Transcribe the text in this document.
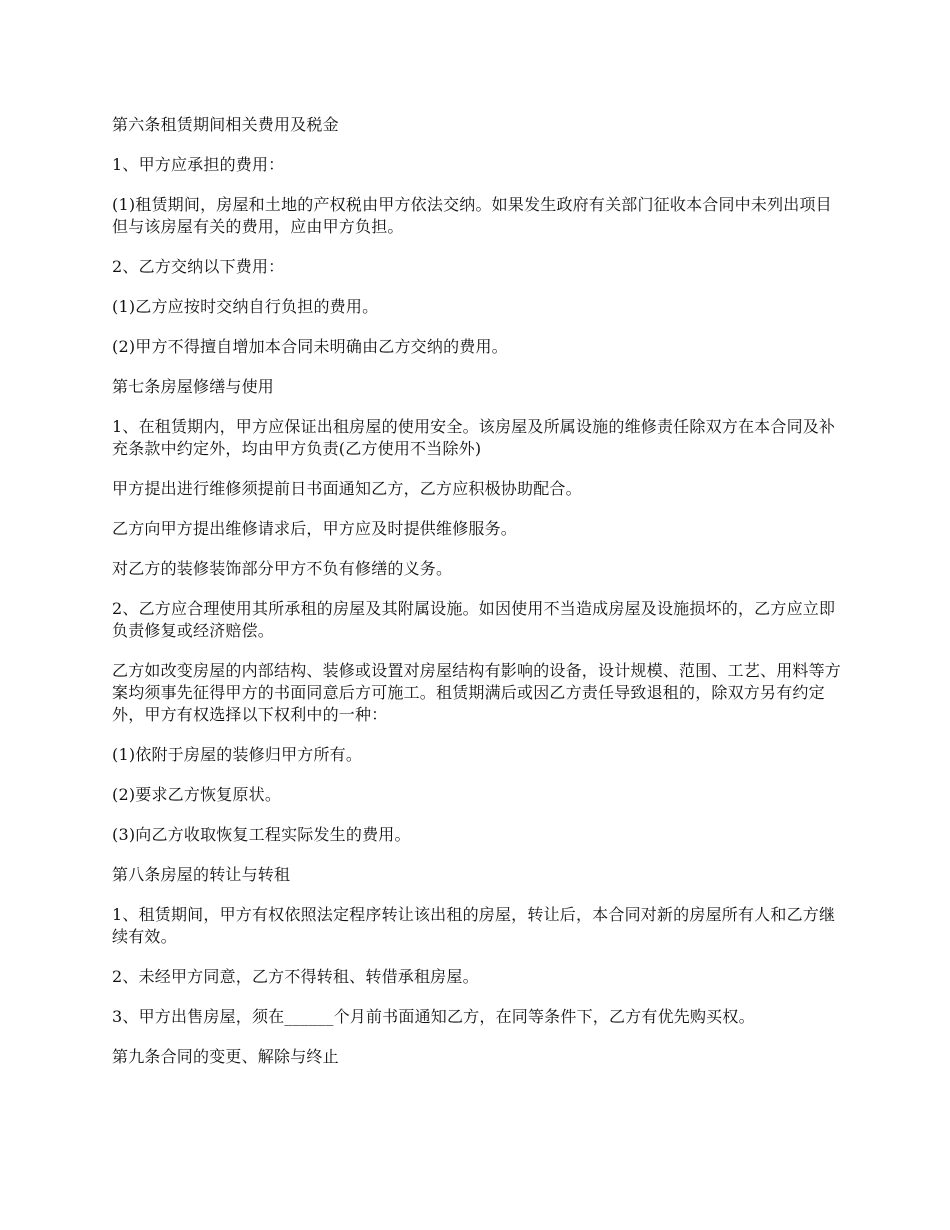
第六条租赁期间相关费用及税金

1、甲方应承担的费用：

(1)租赁期间，房屋和土地的产权税由甲方依法交纳。如果发生政府有关部门征收本合同中未列出项目但与该房屋有关的费用，应由甲方负担。

2、乙方交纳以下费用：

(1)乙方应按时交纳自行负担的费用。

(2)甲方不得擅自增加本合同未明确由乙方交纳的费用。

第七条房屋修缮与使用

1、在租赁期内，甲方应保证出租房屋的使用安全。该房屋及所属设施的维修责任除双方在本合同及补充条款中约定外，均由甲方负责(乙方使用不当除外)

甲方提出进行维修须提前日书面通知乙方，乙方应积极协助配合。

乙方向甲方提出维修请求后，甲方应及时提供维修服务。

对乙方的装修装饰部分甲方不负有修缮的义务。

2、乙方应合理使用其所承租的房屋及其附属设施。如因使用不当造成房屋及设施损坏的，乙方应立即负责修复或经济赔偿。

乙方如改变房屋的内部结构、装修或设置对房屋结构有影响的设备，设计规模、范围、工艺、用料等方案均须事先征得甲方的书面同意后方可施工。租赁期满后或因乙方责任导致退租的，除双方另有约定外，甲方有权选择以下权利中的一种：

(1)依附于房屋的装修归甲方所有。

(2)要求乙方恢复原状。

(3)向乙方收取恢复工程实际发生的费用。

第八条房屋的转让与转租

1、租赁期间，甲方有权依照法定程序转让该出租的房屋，转让后，本合同对新的房屋所有人和乙方继续有效。

2、未经甲方同意，乙方不得转租、转借承租房屋。

3、甲方出售房屋，须在______个月前书面通知乙方，在同等条件下，乙方有优先购买权。

第九条合同的变更、解除与终止
